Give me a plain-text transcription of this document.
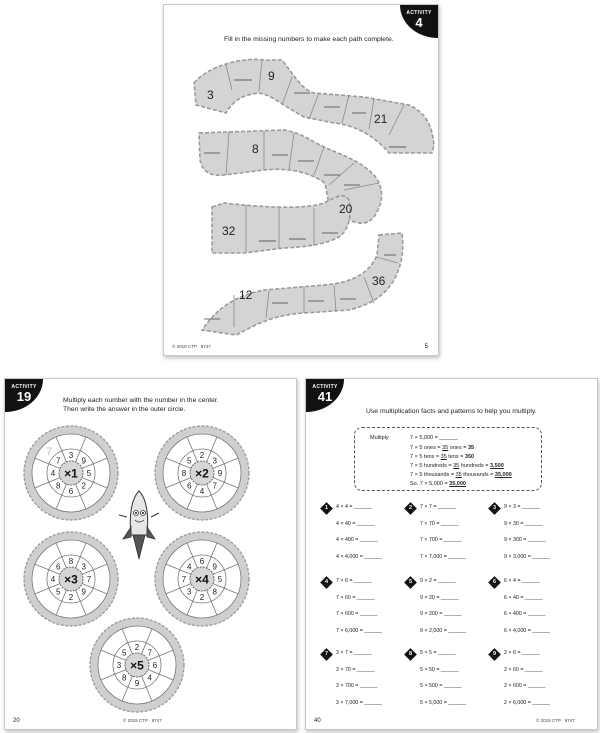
ACTIVITY
4
Fill in the missing numbers to make each path complete.
3
9
21
8
20
32
12
36
© 2019 CTP · 8747	5
ACTIVITY
19	Multiply each number with the number in the center.
Then write the answer in the outer circle.
×1
3
9
5
2
6
8
4
7
7
×2
2
3
9
7
4
6
8
5
×3
8
3
7
9
2
5
4
6
×4
6
9
5
8
2
3
7
4
×5
2
7
6
4
9
8
3
5
© 2019 CTP · 8747
20
ACTIVITY
41
Use multiplication facts and patterns to help you multiply.
Multiply	7 × 5,000 = ______
7 × 5 ones = 35 ones = 35
7 × 5 tens = 35 tens = 350
7 × 5 hundreds = 35 hundreds = 3,500
7 × 5 thousands = 35 thousands = 35,000
So, 7 × 5,000 = 35,000
1	4 × 4 = ______
4 × 40 = ______
4 × 400 = ______
4 × 4,000 = ______
2	7 × 7 = ______
7 × 70 = ______
7 × 700 = ______
7 × 7,000 = ______
3	9 × 3 = ______
9 × 30 = ______
9 × 300 = ______
9 × 3,000 = ______
4	7 × 6 = ______
7 × 60 = ______
7 × 600 = ______
7 × 6,000 = ______
5	9 × 2 = ______
9 × 20 = ______
9 × 200 = ______
9 × 2,000 = ______
6	6 × 4 = ______
6 × 40 = ______
6 × 400 = ______
6 × 4,000 = ______
7	3 × 7 = ______
3 × 70 = ______
3 × 700 = ______
3 × 7,000 = ______
8	5 × 5 = ______
5 × 50 = ______
5 × 500 = ______
5 × 5,000 = ______
9	2 × 6 = ______
2 × 60 = ______
2 × 600 = ______
2 × 6,000 = ______
© 2019 CTP · 8747
40
